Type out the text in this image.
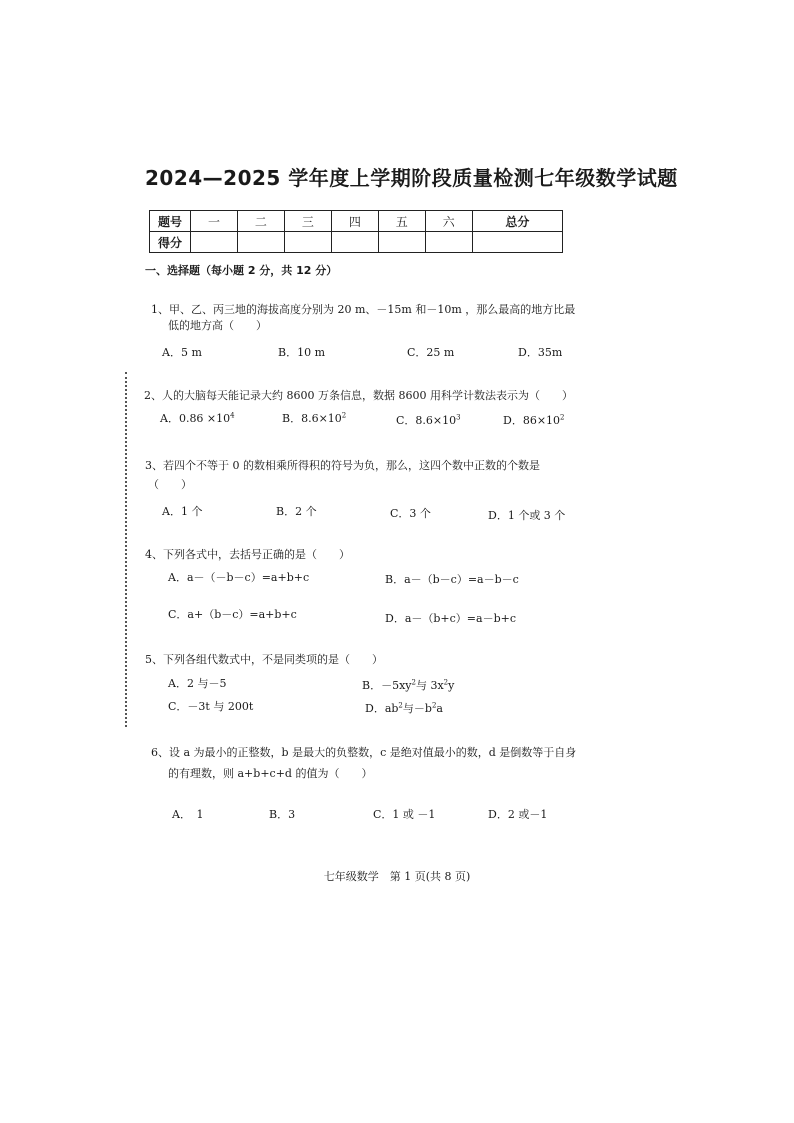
2024—2025 学年度上学期阶段质量检测七年级数学试题
题号	一	二	三	四	五	六	总分
得分							
一、选择题（每小题 2 分，共 12 分）
1、甲、乙、丙三地的海拔高度分别为 20 m、－15m 和－10m ，那么最高的地方比最
低的地方高（　　）
A．5 m	B．10 m	C．25 m	D．35m
2、人的大脑每天能记录大约 8600 万条信息，数据 8600 用科学计数法表示为（　　）
A．$0.86 \times 10^4$	B．$8.6\times 10^2$	C．$8.6\times 10^3$	D．$86\times 10^2$
3、若四个不等于 0 的数相乘所得积的符号为负，那么，这四个数中正数的个数是
（　　）
A．1 个	B．2 个	C．3 个	D．1 个或 3 个
4、下列各式中，去括号正确的是（　　）
A．a－（－b－c）=a+b+c	B．a－（b－c）=a－b－c
C．a+（b－c）=a+b+c	D．a－（b+c）=a－b+c
5、下列各组代数式中，不是同类项的是（　　）
A．2 与－5	B．$-5xy^2$与 $3x^2y$
C．－3t 与 200t	D．$ab^2$与$-b^2a$
6、设 a 为最小的正整数，b 是最大的负整数，c 是绝对值最小的数，d 是倒数等于自身
的有理数，则 a+b+c+d 的值为（　　）
A．　1	B．3	C．1 或 －1	D．2 或－1
七年级数学　第 1 页(共 8 页)
